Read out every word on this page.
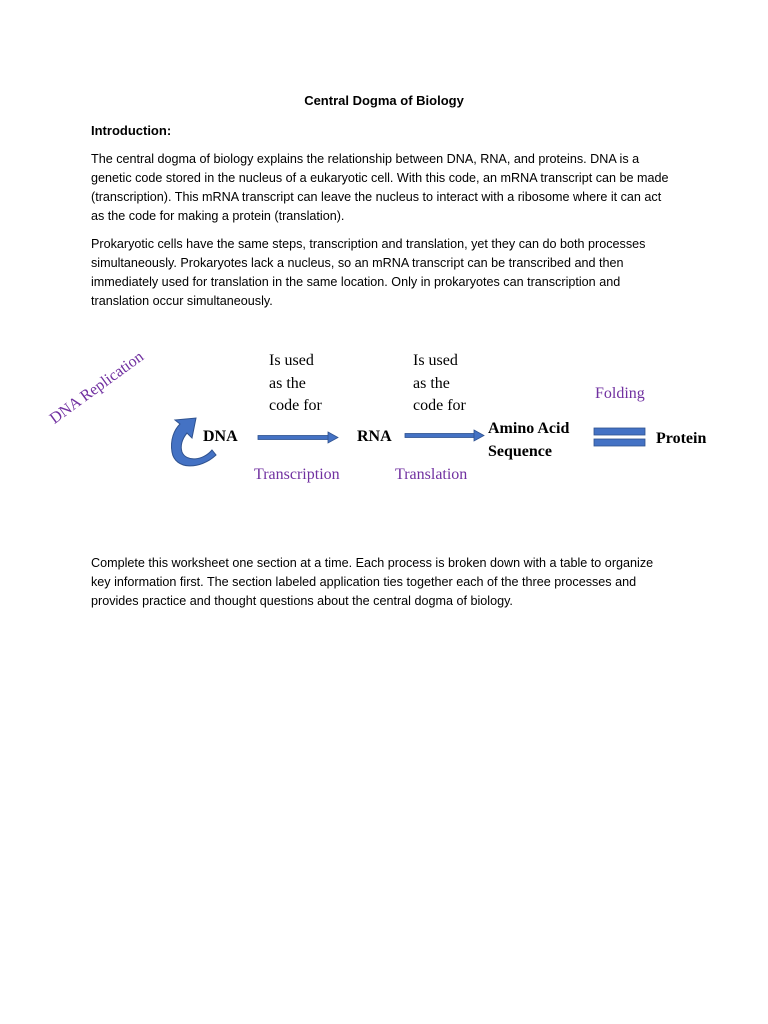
Central Dogma of Biology
Introduction:
The central dogma of biology explains the relationship between DNA, RNA, and proteins. DNA is a
genetic code stored in the nucleus of a eukaryotic cell. With this code, an mRNA transcript can be made
(transcription). This mRNA transcript can leave the nucleus to interact with a ribosome where it can act
as the code for making a protein (translation).
Prokaryotic cells have the same steps, transcription and translation, yet they can do both processes
simultaneously. Prokaryotes lack a nucleus, so an mRNA transcript can be transcribed and then
immediately used for translation in the same location. Only in prokaryotes can transcription and
translation occur simultaneously.
DNA Replication
DNA	RNA	Amino Acid
Sequence
Protein
Is used
as the
code for
Is used
as the
code for
Transcription	Translation
Folding
Complete this worksheet one section at a time. Each process is broken down with a table to organize
key information first. The section labeled application ties together each of the three processes and
provides practice and thought questions about the central dogma of biology.
